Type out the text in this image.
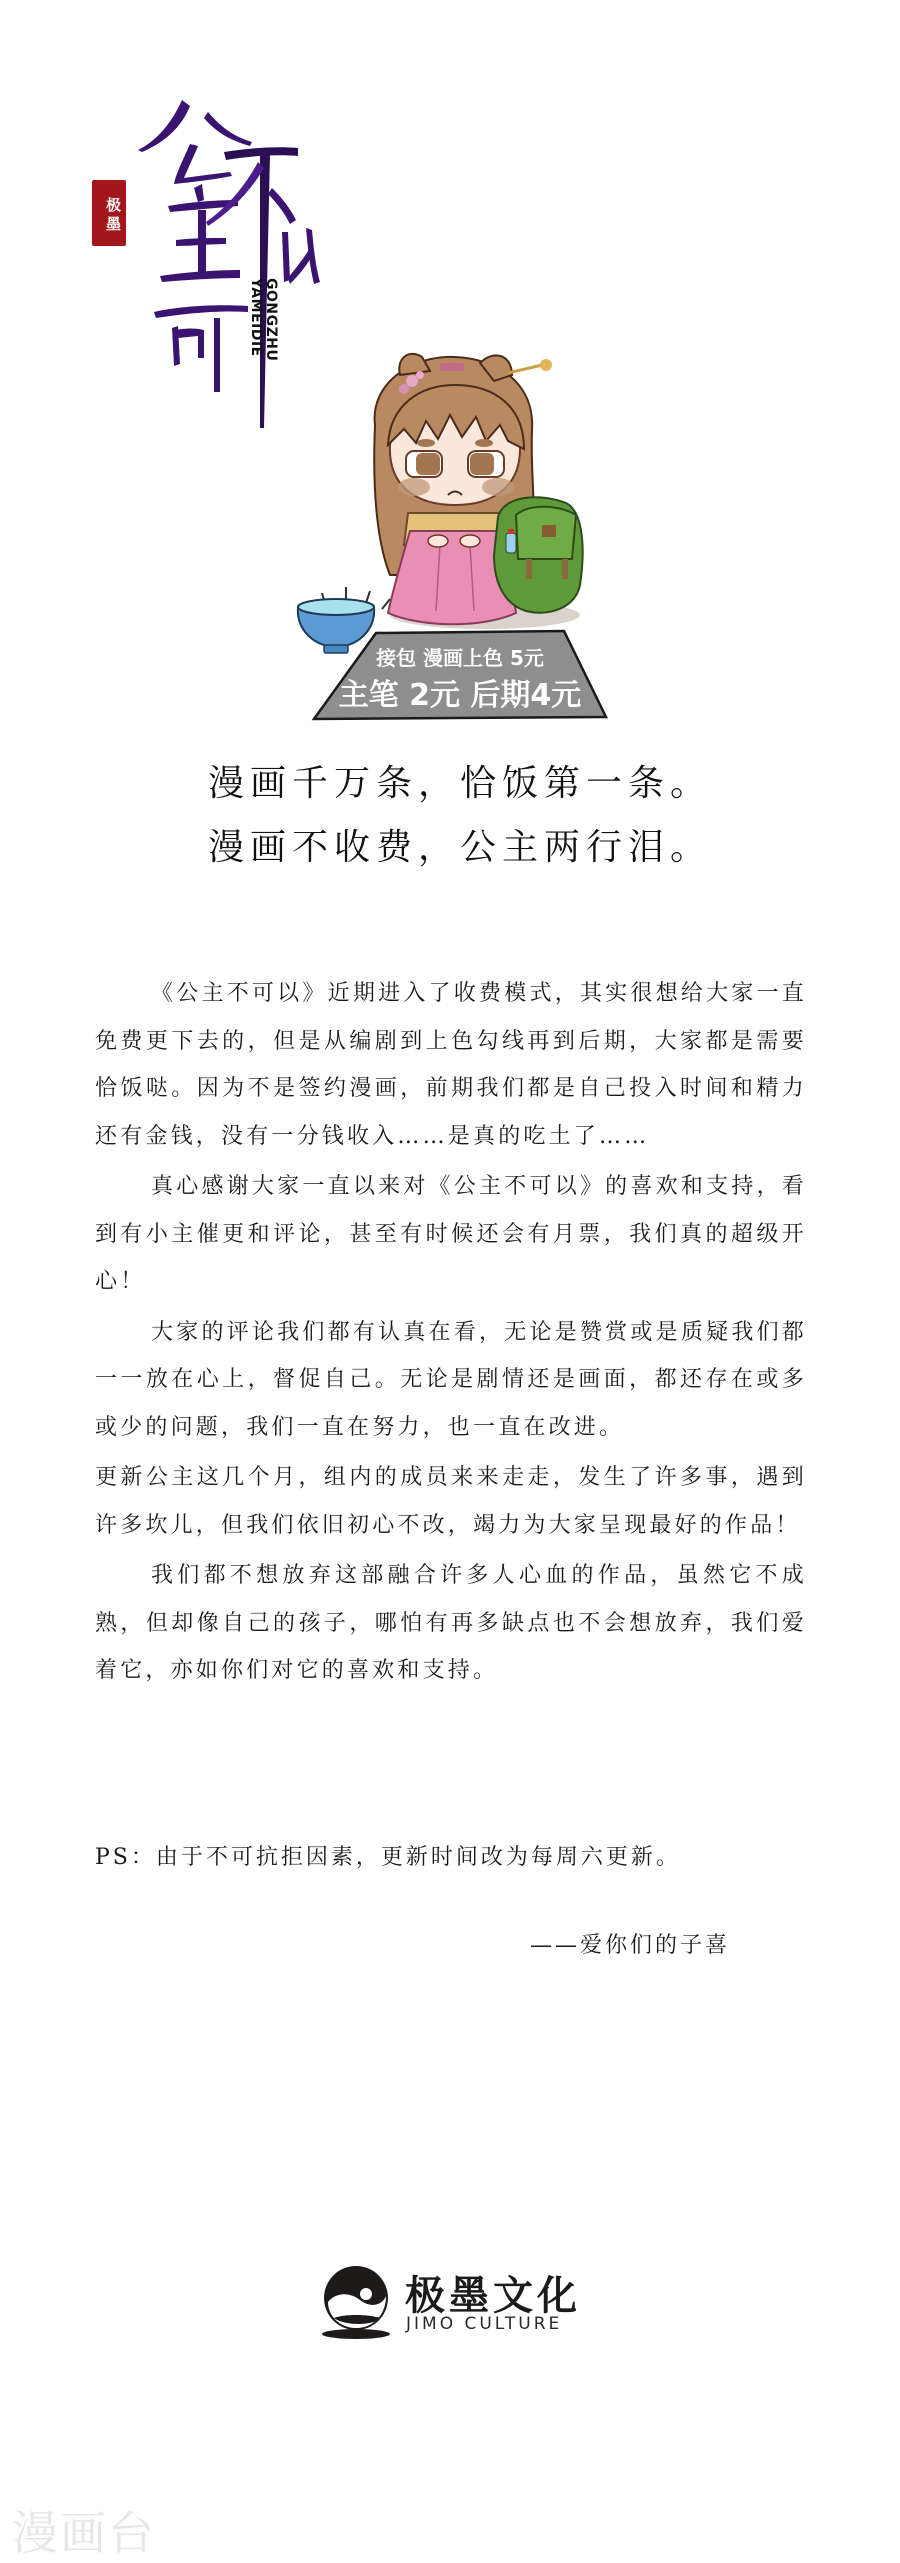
极墨
GONGZHU
YAMEIDIE
接包 漫画上色 5元
主笔 2元 后期4元
漫画千万条，恰饭第一条。
漫画不收费，公主两行泪。

《公主不可以》近期进入了收费模式，其实很想给大家一直免费更下去的，但是从编剧到上色勾线再到后期，大家都是需要恰饭哒。因为不是签约漫画，前期我们都是自己投入时间和精力还有金钱，没有一分钱收入……是真的吃土了……

真心感谢大家一直以来对《公主不可以》的喜欢和支持，看到有小主催更和评论，甚至有时候还会有月票，我们真的超级开心！

大家的评论我们都有认真在看，无论是赞赏或是质疑我们都一一放在心上，督促自己。无论是剧情还是画面，都还存在或多或少的问题，我们一直在努力，也一直在改进。

更新公主这几个月，组内的成员来来走走，发生了许多事，遇到许多坎儿，但我们依旧初心不改，竭力为大家呈现最好的作品！

我们都不想放弃这部融合许多人心血的作品，虽然它不成熟，但却像自己的孩子，哪怕有再多缺点也不会想放弃，我们爱着它，亦如你们对它的喜欢和支持。

PS：由于不可抗拒因素，更新时间改为每周六更新。
——爱你们的子喜
极墨文化
JIMO CULTURE
漫画台
